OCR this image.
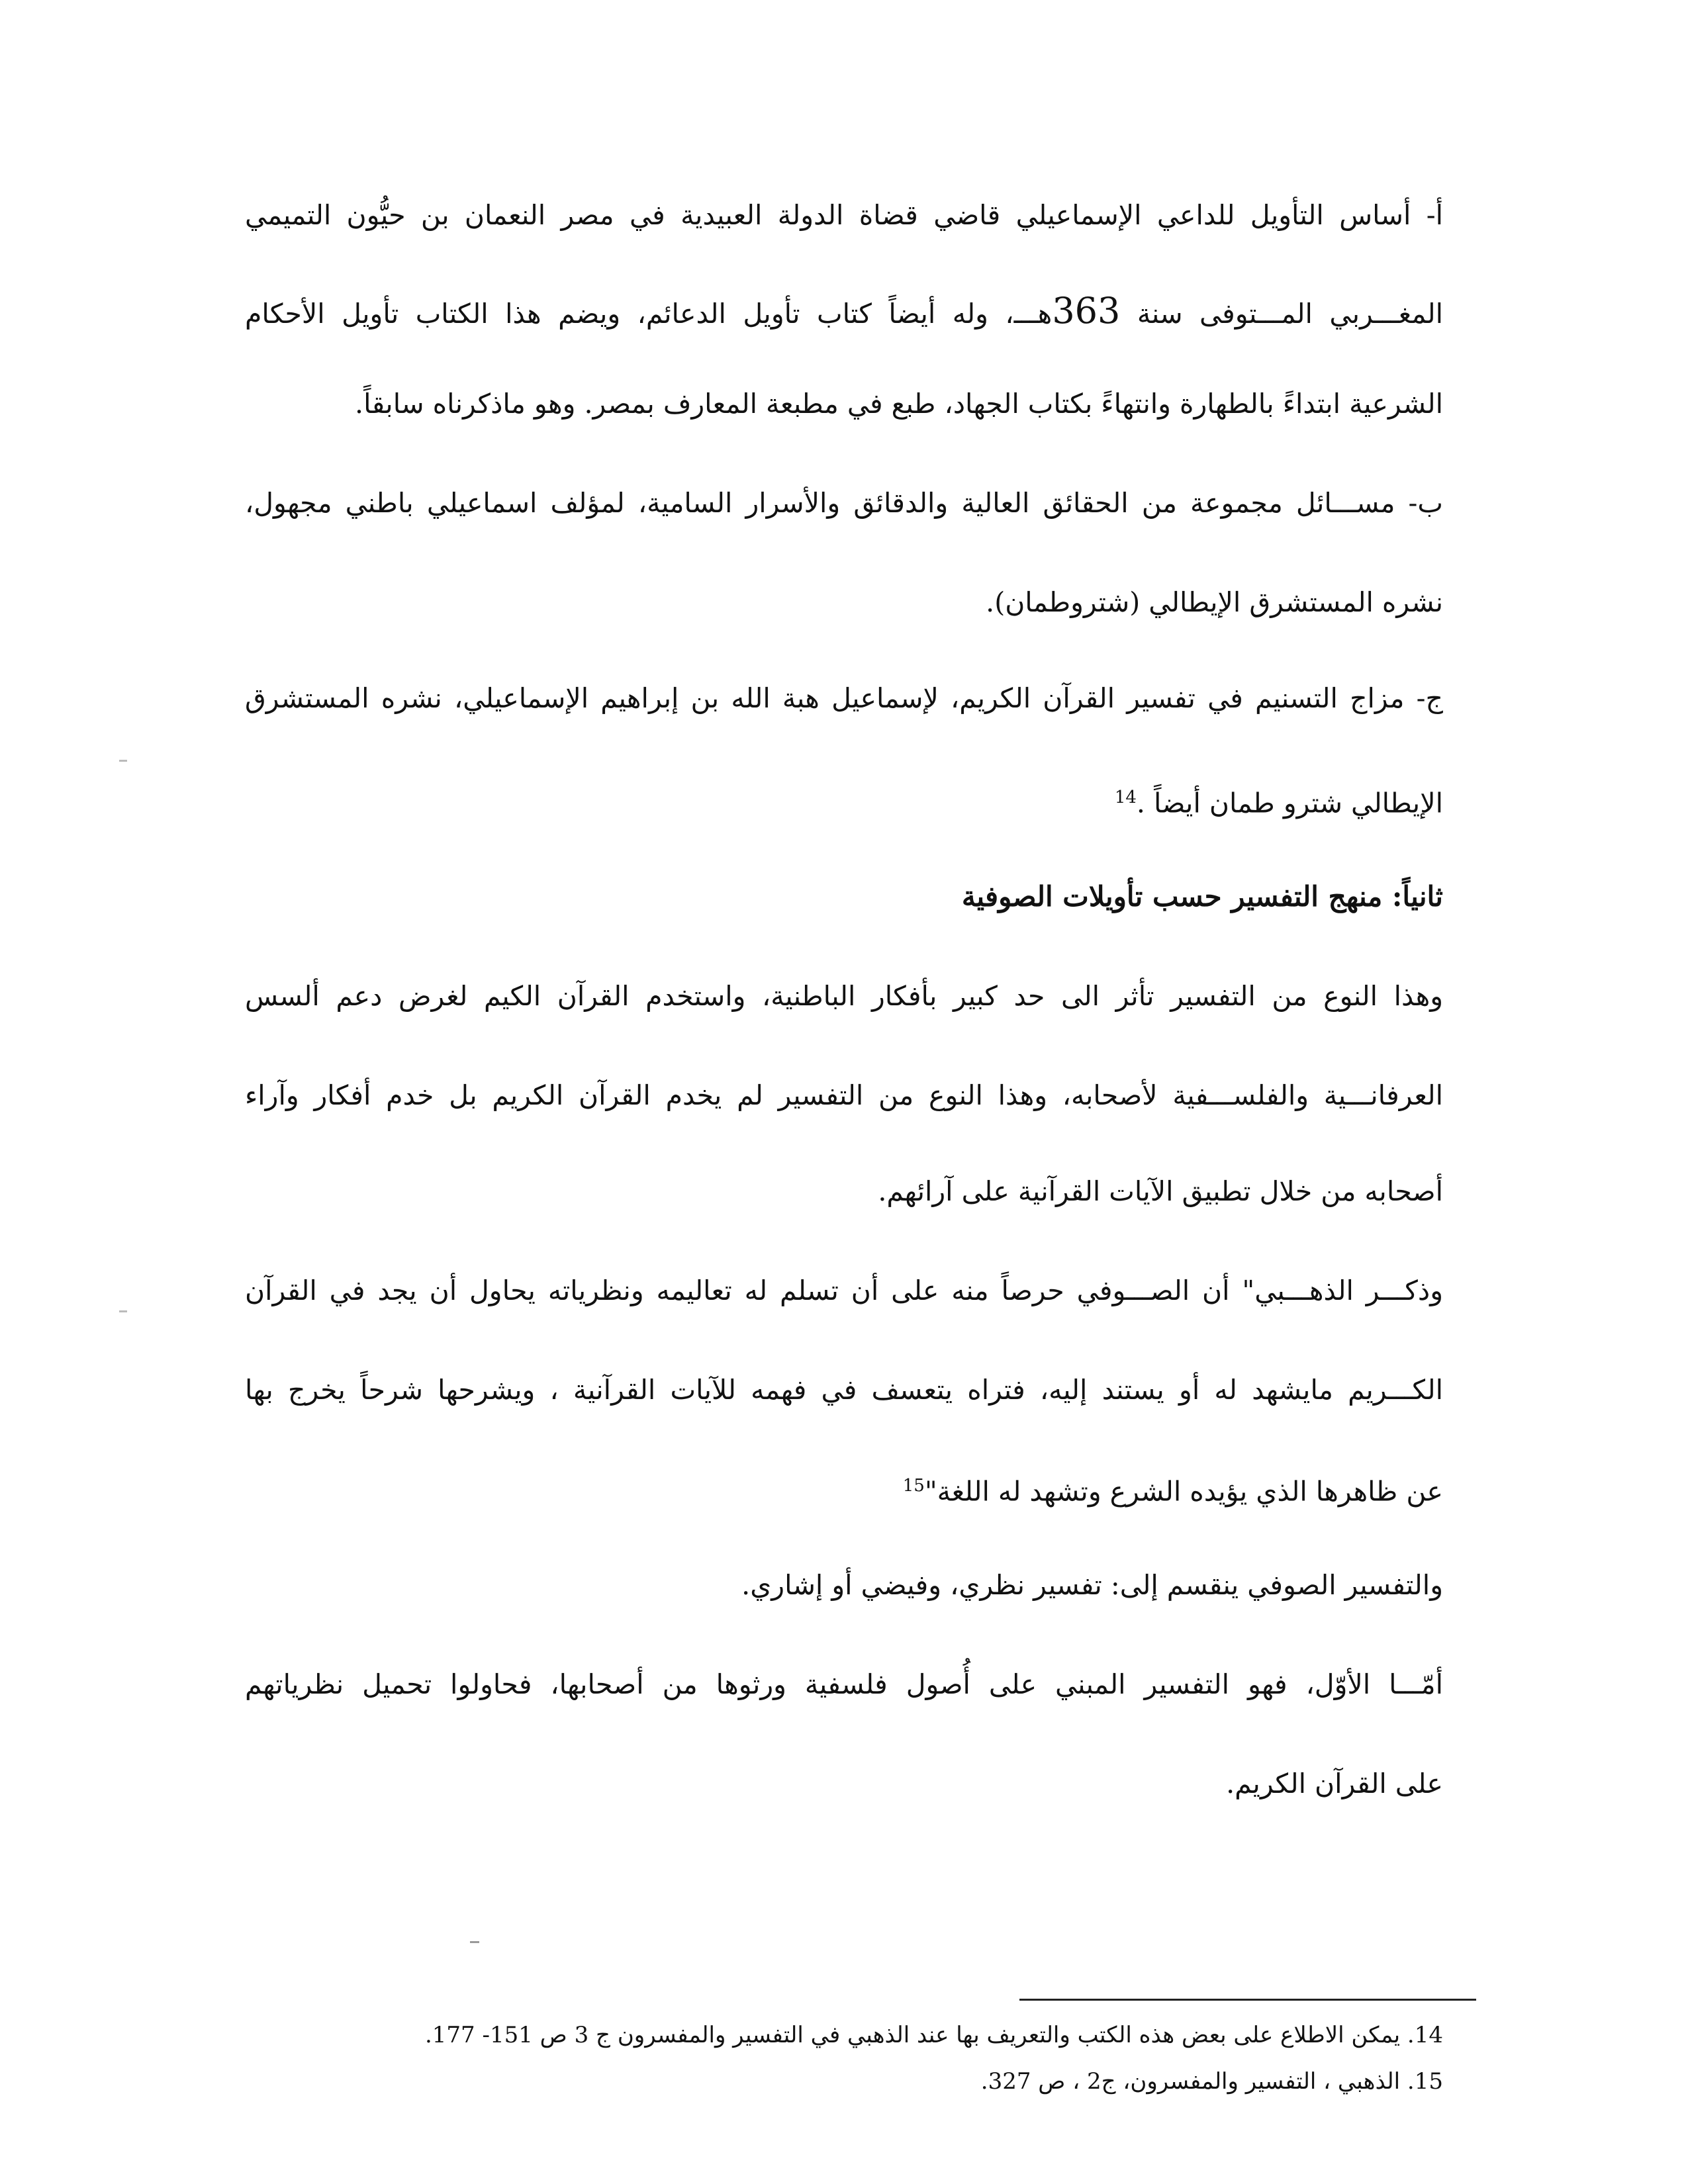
أ- أساس التأويل للداعي الإسماعيلي قاضي قضاة الدولة العبيدية في مصر النعمان بن حيُّون التميمي
المغـــربي المـــتوفى سنة 363هـــ، وله أيضاً كتاب تأويل الدعائم، ويضم هذا الكتاب تأويل الأحكام
الشرعية ابتداءً بالطهارة وانتهاءً بكتاب الجهاد، طبع في مطبعة المعارف بمصر. وهو ماذكرناه سابقاً.
ب- مســـائل مجموعة من الحقائق العالية والدقائق والأسرار السامية، لمؤلف اسماعيلي باطني مجهول،
نشره المستشرق الإيطالي (شتروطمان).
ج- مزاج التسنيم في تفسير القرآن الكريم، لإسماعيل هبة الله بن إبراهيم الإسماعيلي، نشره المستشرق
الإيطالي شترو طمان أيضاً .$^{14}$
ثانياً: منهج التفسير حسب تأويلات الصوفية
وهذا النوع من التفسير تأثر الى حد كبير بأفكار الباطنية، واستخدم القرآن الكيم لغرض دعم ألسس
العرفانـــية والفلســـفية لأصحابه، وهذا النوع من التفسير لم يخدم القرآن الكريم بل خدم أفكار وآراء
أصحابه من خلال تطبيق الآيات القرآنية على آرائهم.
وذكـــر الذهـــبي" أن الصـــوفي حرصاً منه على أن تسلم له تعاليمه ونظرياته يحاول أن يجد في القرآن
الكـــريم مايشهد له أو يستند إليه، فتراه يتعسف في فهمه للآيات القرآنية ، ويشرحها شرحاً يخرج بها
عن ظاهرها الذي يؤيده الشرع وتشهد له اللغة"$^{15}$
والتفسير الصوفي ينقسم إلى: تفسير نظري، وفيضي أو إشاري.
أمّـــا الأوّل، فهو التفسير المبني على أُصول فلسفية ورثوها من أصحابها، فحاولوا تحميل نظرياتهم
على القرآن الكريم.
14. يمكن الاطلاع على بعض هذه الكتب والتعريف بها عند الذهبي في التفسير والمفسرون ج 3 ص 151- 177.
15. الذهبي ، التفسير والمفسرون، ج2 ، ص 327.
